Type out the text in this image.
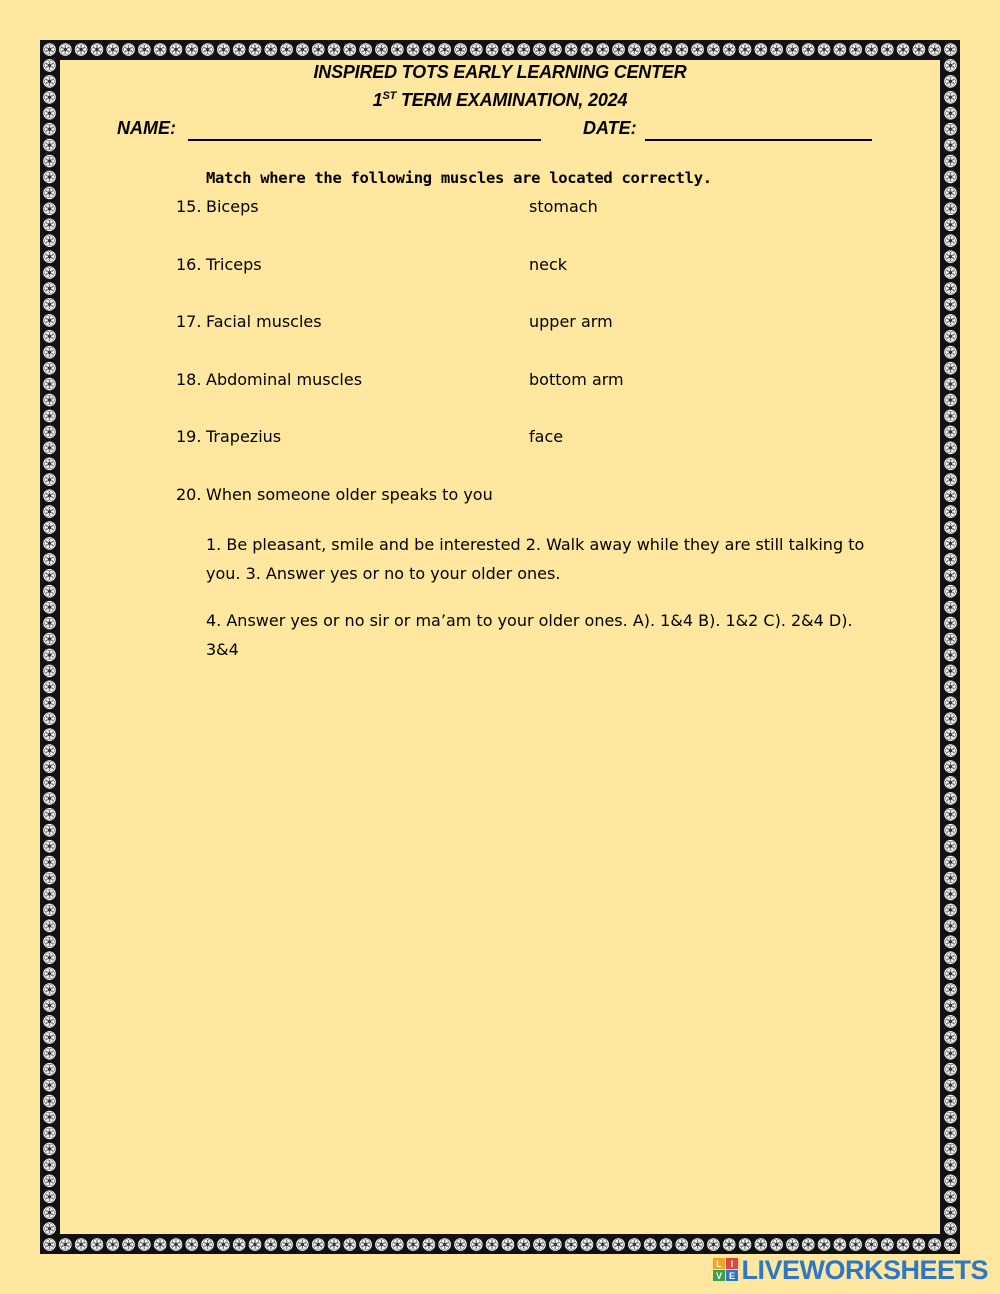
INSPIRED TOTS EARLY LEARNING CENTER
1ST TERM EXAMINATION, 2024
NAME:	DATE:
Match where the following muscles are located correctly.
15. Biceps	stomach
16. Triceps	neck
17. Facial muscles	upper arm
18. Abdominal muscles	bottom arm
19. Trapezius	face
20. When someone older speaks to you
1. Be pleasant, smile and be interested 2. Walk away while they are still talking to you. 3. Answer yes or no to your older ones.
4. Answer yes or no sir or ma’am to your older ones. A). 1&4 B). 1&2 C). 2&4 D). 3&4
L I
V E LIVEWORKSHEETS
